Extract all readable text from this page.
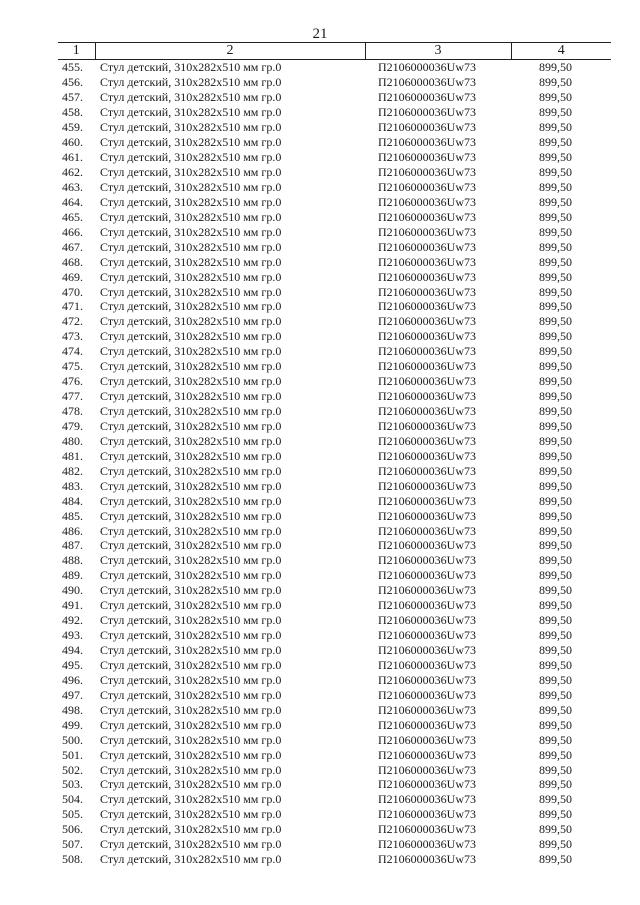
21
1	2	3	4
455.	Стул детский, 310х282х510 мм гр.0	П2106000036Uw73	899,50
456.	Стул детский, 310х282х510 мм гр.0	П2106000036Uw73	899,50
457.	Стул детский, 310х282х510 мм гр.0	П2106000036Uw73	899,50
458.	Стул детский, 310х282х510 мм гр.0	П2106000036Uw73	899,50
459.	Стул детский, 310х282х510 мм гр.0	П2106000036Uw73	899,50
460.	Стул детский, 310х282х510 мм гр.0	П2106000036Uw73	899,50
461.	Стул детский, 310х282х510 мм гр.0	П2106000036Uw73	899,50
462.	Стул детский, 310х282х510 мм гр.0	П2106000036Uw73	899,50
463.	Стул детский, 310х282х510 мм гр.0	П2106000036Uw73	899,50
464.	Стул детский, 310х282х510 мм гр.0	П2106000036Uw73	899,50
465.	Стул детский, 310х282х510 мм гр.0	П2106000036Uw73	899,50
466.	Стул детский, 310х282х510 мм гр.0	П2106000036Uw73	899,50
467.	Стул детский, 310х282х510 мм гр.0	П2106000036Uw73	899,50
468.	Стул детский, 310х282х510 мм гр.0	П2106000036Uw73	899,50
469.	Стул детский, 310х282х510 мм гр.0	П2106000036Uw73	899,50
470.	Стул детский, 310х282х510 мм гр.0	П2106000036Uw73	899,50
471.	Стул детский, 310х282х510 мм гр.0	П2106000036Uw73	899,50
472.	Стул детский, 310х282х510 мм гр.0	П2106000036Uw73	899,50
473.	Стул детский, 310х282х510 мм гр.0	П2106000036Uw73	899,50
474.	Стул детский, 310х282х510 мм гр.0	П2106000036Uw73	899,50
475.	Стул детский, 310х282х510 мм гр.0	П2106000036Uw73	899,50
476.	Стул детский, 310х282х510 мм гр.0	П2106000036Uw73	899,50
477.	Стул детский, 310х282х510 мм гр.0	П2106000036Uw73	899,50
478.	Стул детский, 310х282х510 мм гр.0	П2106000036Uw73	899,50
479.	Стул детский, 310х282х510 мм гр.0	П2106000036Uw73	899,50
480.	Стул детский, 310х282х510 мм гр.0	П2106000036Uw73	899,50
481.	Стул детский, 310х282х510 мм гр.0	П2106000036Uw73	899,50
482.	Стул детский, 310х282х510 мм гр.0	П2106000036Uw73	899,50
483.	Стул детский, 310х282х510 мм гр.0	П2106000036Uw73	899,50
484.	Стул детский, 310х282х510 мм гр.0	П2106000036Uw73	899,50
485.	Стул детский, 310х282х510 мм гр.0	П2106000036Uw73	899,50
486.	Стул детский, 310х282х510 мм гр.0	П2106000036Uw73	899,50
487.	Стул детский, 310х282х510 мм гр.0	П2106000036Uw73	899,50
488.	Стул детский, 310х282х510 мм гр.0	П2106000036Uw73	899,50
489.	Стул детский, 310х282х510 мм гр.0	П2106000036Uw73	899,50
490.	Стул детский, 310х282х510 мм гр.0	П2106000036Uw73	899,50
491.	Стул детский, 310х282х510 мм гр.0	П2106000036Uw73	899,50
492.	Стул детский, 310х282х510 мм гр.0	П2106000036Uw73	899,50
493.	Стул детский, 310х282х510 мм гр.0	П2106000036Uw73	899,50
494.	Стул детский, 310х282х510 мм гр.0	П2106000036Uw73	899,50
495.	Стул детский, 310х282х510 мм гр.0	П2106000036Uw73	899,50
496.	Стул детский, 310х282х510 мм гр.0	П2106000036Uw73	899,50
497.	Стул детский, 310х282х510 мм гр.0	П2106000036Uw73	899,50
498.	Стул детский, 310х282х510 мм гр.0	П2106000036Uw73	899,50
499.	Стул детский, 310х282х510 мм гр.0	П2106000036Uw73	899,50
500.	Стул детский, 310х282х510 мм гр.0	П2106000036Uw73	899,50
501.	Стул детский, 310х282х510 мм гр.0	П2106000036Uw73	899,50
502.	Стул детский, 310х282х510 мм гр.0	П2106000036Uw73	899,50
503.	Стул детский, 310х282х510 мм гр.0	П2106000036Uw73	899,50
504.	Стул детский, 310х282х510 мм гр.0	П2106000036Uw73	899,50
505.	Стул детский, 310х282х510 мм гр.0	П2106000036Uw73	899,50
506.	Стул детский, 310х282х510 мм гр.0	П2106000036Uw73	899,50
507.	Стул детский, 310х282х510 мм гр.0	П2106000036Uw73	899,50
508.	Стул детский, 310х282х510 мм гр.0	П2106000036Uw73	899,50
